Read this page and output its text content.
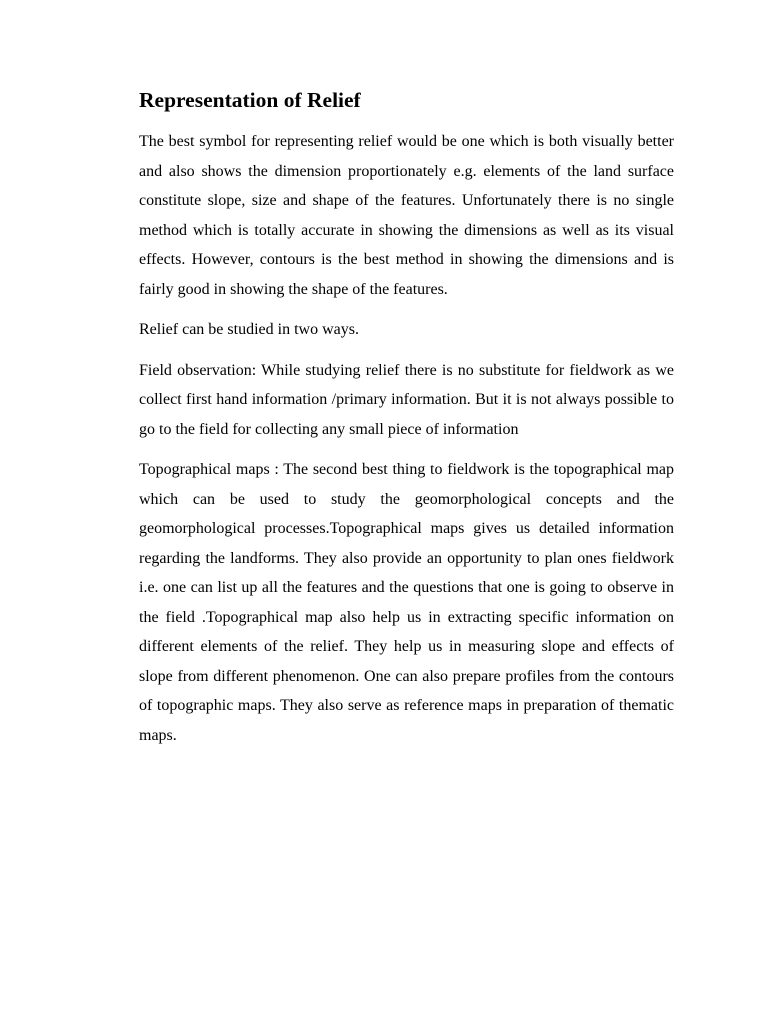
Representation of Relief

The best symbol for representing relief would be one which is both visually better and also shows the dimension proportionately e.g. elements of the land surface constitute slope, size and shape of the features. Unfortunately there is no single method which is totally accurate in showing the dimensions as well as its visual effects. However, contours is the best method in showing the dimensions and is fairly good in showing the shape of the features.

Relief can be studied in two ways.

Field observation: While studying relief there is no substitute for fieldwork as we collect first hand information /primary information. But it is not always possible to go to the field for collecting any small piece of information

Topographical maps : The second best thing to fieldwork is the topographical map which can be used to study the geomorphological concepts and the geomorphological processes.Topographical maps gives us detailed information regarding the landforms. They also provide an opportunity to plan ones fieldwork i.e. one can list up all the features and the questions that one is going to observe in the field .Topographical map also help us in extracting specific information on different elements of the relief. They help us in measuring slope and effects of slope from different phenomenon. One can also prepare profiles from the contours of topographic maps. They also serve as reference maps in preparation of thematic maps.
